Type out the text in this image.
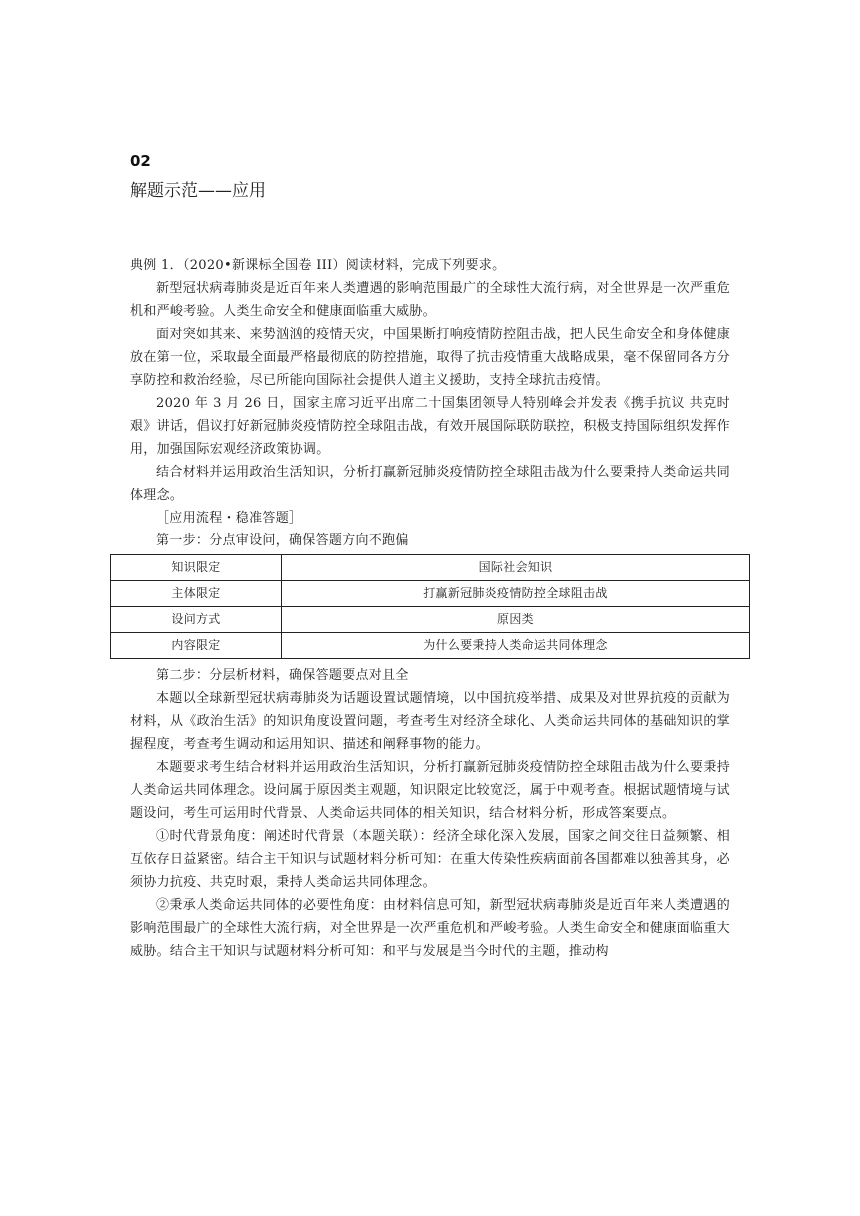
02
解题示范——应用

典例 1．（2020•新课标全国卷 III）阅读材料，完成下列要求。

新型冠状病毒肺炎是近百年来人类遭遇的影响范围最广的全球性大流行病，对全世界是一次严重危机和严峻考验。人类生命安全和健康面临重大威胁。

面对突如其来、来势汹汹的疫情天灾，中国果断打响疫情防控阻击战，把人民生命安全和身体健康放在第一位，采取最全面最严格最彻底的防控措施，取得了抗击疫情重大战略成果，毫不保留同各方分享防控和救治经验，尽已所能向国际社会提供人道主义援助，支持全球抗击疫情。

2020 年 3 月 26 日，国家主席习近平出席二十国集团领导人特别峰会并发表《携手抗议 共克时艰》讲话，倡议打好新冠肺炎疫情防控全球阻击战，有效开展国际联防联控，积极支持国际组织发挥作用，加强国际宏观经济政策协调。

结合材料并运用政治生活知识，分析打赢新冠肺炎疫情防控全球阻击战为什么要秉持人类命运共同体理念。

［应用流程・稳准答题］

第一步：分点审设问，确保答题方向不跑偏

知识限定	国际社会知识
主体限定	打赢新冠肺炎疫情防控全球阻击战
设问方式	原因类
内容限定	为什么要秉持人类命运共同体理念

第二步：分层析材料，确保答题要点对且全

本题以全球新型冠状病毒肺炎为话题设置试题情境，以中国抗疫举措、成果及对世界抗疫的贡献为材料，从《政治生活》的知识角度设置问题，考查考生对经济全球化、人类命运共同体的基础知识的掌握程度，考查考生调动和运用知识、描述和阐释事物的能力。

本题要求考生结合材料并运用政治生活知识，分析打赢新冠肺炎疫情防控全球阻击战为什么要秉持人类命运共同体理念。设问属于原因类主观题，知识限定比较宽泛，属于中观考查。根据试题情境与试题设问，考生可运用时代背景、人类命运共同体的相关知识，结合材料分析，形成答案要点。

①时代背景角度：阐述时代背景（本题关联）：经济全球化深入发展，国家之间交往日益频繁、相互依存日益紧密。结合主干知识与试题材料分析可知：在重大传染性疾病面前各国都难以独善其身，必须协力抗疫、共克时艰，秉持人类命运共同体理念。

②秉承人类命运共同体的必要性角度：由材料信息可知，新型冠状病毒肺炎是近百年来人类遭遇的影响范围最广的全球性大流行病，对全世界是一次严重危机和严峻考验。人类生命安全和健康面临重大威胁。结合主干知识与试题材料分析可知：和平与发展是当今时代的主题，推动构
